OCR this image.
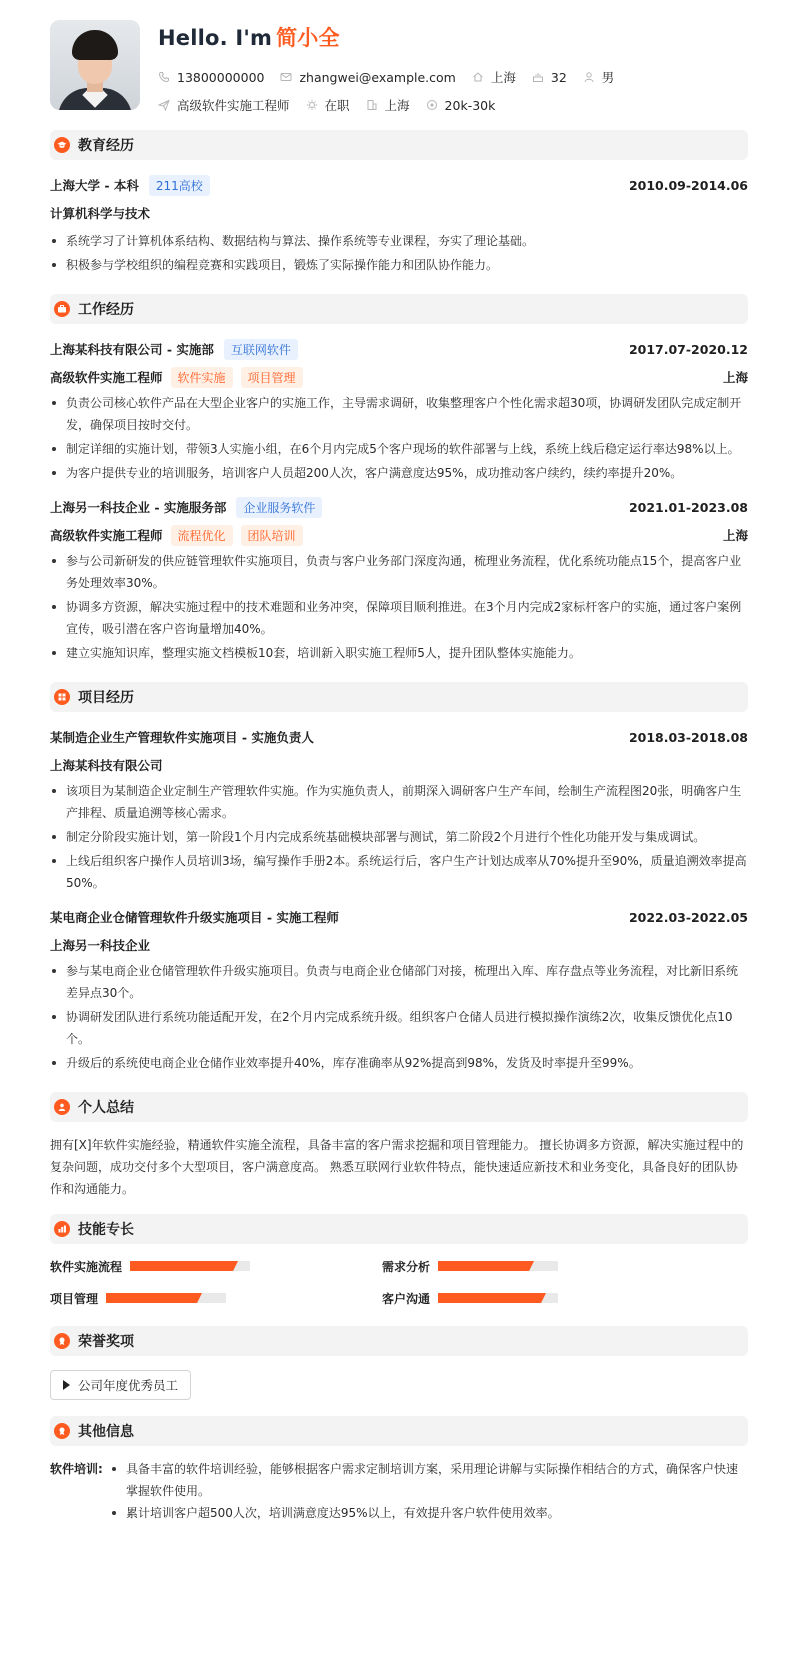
Hello. I'm 简小全
13800000000	zhangwei@example.com	上海	32	男
高级软件实施工程师	在职	上海	20k-30k
教育经历
上海大学 - 本科	211高校	2010.09-2014.06
计算机科学与技术
系统学习了计算机体系结构、数据结构与算法、操作系统等专业课程，夯实了理论基础。
积极参与学校组织的编程竞赛和实践项目，锻炼了实际操作能力和团队协作能力。
工作经历
上海某科技有限公司 - 实施部	互联网软件	2017.07-2020.12
高级软件实施工程师	软件实施	项目管理	上海
负责公司核心软件产品在大型企业客户的实施工作，主导需求调研，收集整理客户个性化需求超30项，协调研发团队完成定制开发，确保项目按时交付。
制定详细的实施计划，带领3人实施小组，在6个月内完成5个客户现场的软件部署与上线，系统上线后稳定运行率达98%以上。
为客户提供专业的培训服务，培训客户人员超200人次，客户满意度达95%，成功推动客户续约，续约率提升20%。
上海另一科技企业 - 实施服务部	企业服务软件	2021.01-2023.08
高级软件实施工程师	流程优化	团队培训	上海
参与公司新研发的供应链管理软件实施项目，负责与客户业务部门深度沟通，梳理业务流程，优化系统功能点15个，提高客户业务处理效率30%。
协调多方资源，解决实施过程中的技术难题和业务冲突，保障项目顺利推进。在3个月内完成2家标杆客户的实施，通过客户案例宣传，吸引潜在客户咨询量增加40%。
建立实施知识库，整理实施文档模板10套，培训新入职实施工程师5人，提升团队整体实施能力。
项目经历
某制造企业生产管理软件实施项目 - 实施负责人	2018.03-2018.08
上海某科技有限公司
该项目为某制造企业定制生产管理软件实施。作为实施负责人，前期深入调研客户生产车间，绘制生产流程图20张，明确客户生产排程、质量追溯等核心需求。
制定分阶段实施计划，第一阶段1个月内完成系统基础模块部署与测试，第二阶段2个月进行个性化功能开发与集成调试。
上线后组织客户操作人员培训3场，编写操作手册2本。系统运行后，客户生产计划达成率从70%提升至90%，质量追溯效率提高50%。
某电商企业仓储管理软件升级实施项目 - 实施工程师	2022.03-2022.05
上海另一科技企业
参与某电商企业仓储管理软件升级实施项目。负责与电商企业仓储部门对接，梳理出入库、库存盘点等业务流程，对比新旧系统差异点30个。
协调研发团队进行系统功能适配开发，在2个月内完成系统升级。组织客户仓储人员进行模拟操作演练2次，收集反馈优化点10个。
升级后的系统使电商企业仓储作业效率提升40%，库存准确率从92%提高到98%，发货及时率提升至99%。
个人总结

拥有[X]年软件实施经验，精通软件实施全流程，具备丰富的客户需求挖掘和项目管理能力。 擅长协调多方资源，解决实施过程中的复杂问题，成功交付多个大型项目，客户满意度高。 熟悉互联网行业软件特点，能快速适应新技术和业务变化，具备良好的团队协作和沟通能力。

技能专长
软件实施流程	需求分析
项目管理	客户沟通
荣誉奖项
公司年度优秀员工
其他信息
软件培训:	具备丰富的软件培训经验，能够根据客户需求定制培训方案，采用理论讲解与实际操作相结合的方式，确保客户快速掌握软件使用。
累计培训客户超500人次，培训满意度达95%以上，有效提升客户软件使用效率。
